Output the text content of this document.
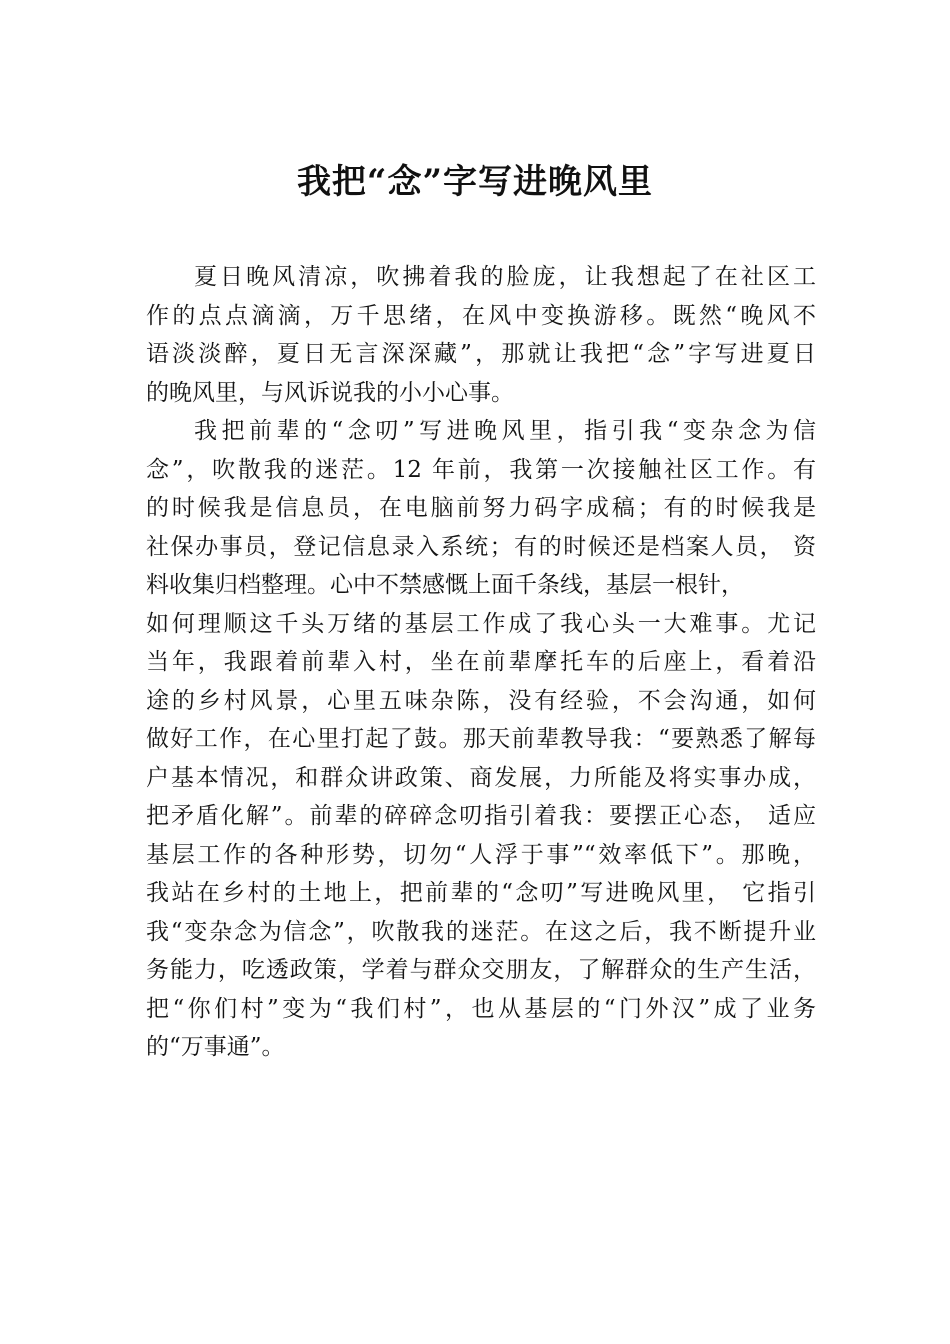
我把“念”字写进晚风里
夏日晚风清凉，吹拂着我的脸庞，让我想起了在社区工
作的点点滴滴，万千思绪，在风中变换游移。既然“晚风不
语淡淡醉，夏日无言深深藏”，那就让我把“念”字写进夏日
的晚风里，与风诉说我的小小心事。
我把前辈的“念叨”写进晚风里，指引我“变杂念为信
念”，吹散我的迷茫。12 年前，我第一次接触社区工作。有
的时候我是信息员，在电脑前努力码字成稿；有的时候我是
社保办事员，登记信息录入系统；有的时候还是档案人员， 资
料收集归档整理。心中不禁感慨上面千条线，基层一根针，
如何理顺这千头万绪的基层工作成了我心头一大难事。尤记
当年，我跟着前辈入村，坐在前辈摩托车的后座上，看着沿
途的乡村风景，心里五味杂陈，没有经验，不会沟通，如何
做好工作，在心里打起了鼓。那天前辈教导我：“要熟悉了解每
户基本情况，和群众讲政策、商发展，力所能及将实事办成，
把矛盾化解”。前辈的碎碎念叨指引着我：要摆正心态， 适应
基层工作的各种形势，切勿“人浮于事”“效率低下”。那晚，
我站在乡村的土地上，把前辈的“念叨”写进晚风里， 它指引
我“变杂念为信念”，吹散我的迷茫。在这之后，我不断提升业
务能力，吃透政策，学着与群众交朋友，了解群众的生产生活，
把“你们村”变为“我们村”，也从基层的“门外汉”成了业务
的“万事通”。
